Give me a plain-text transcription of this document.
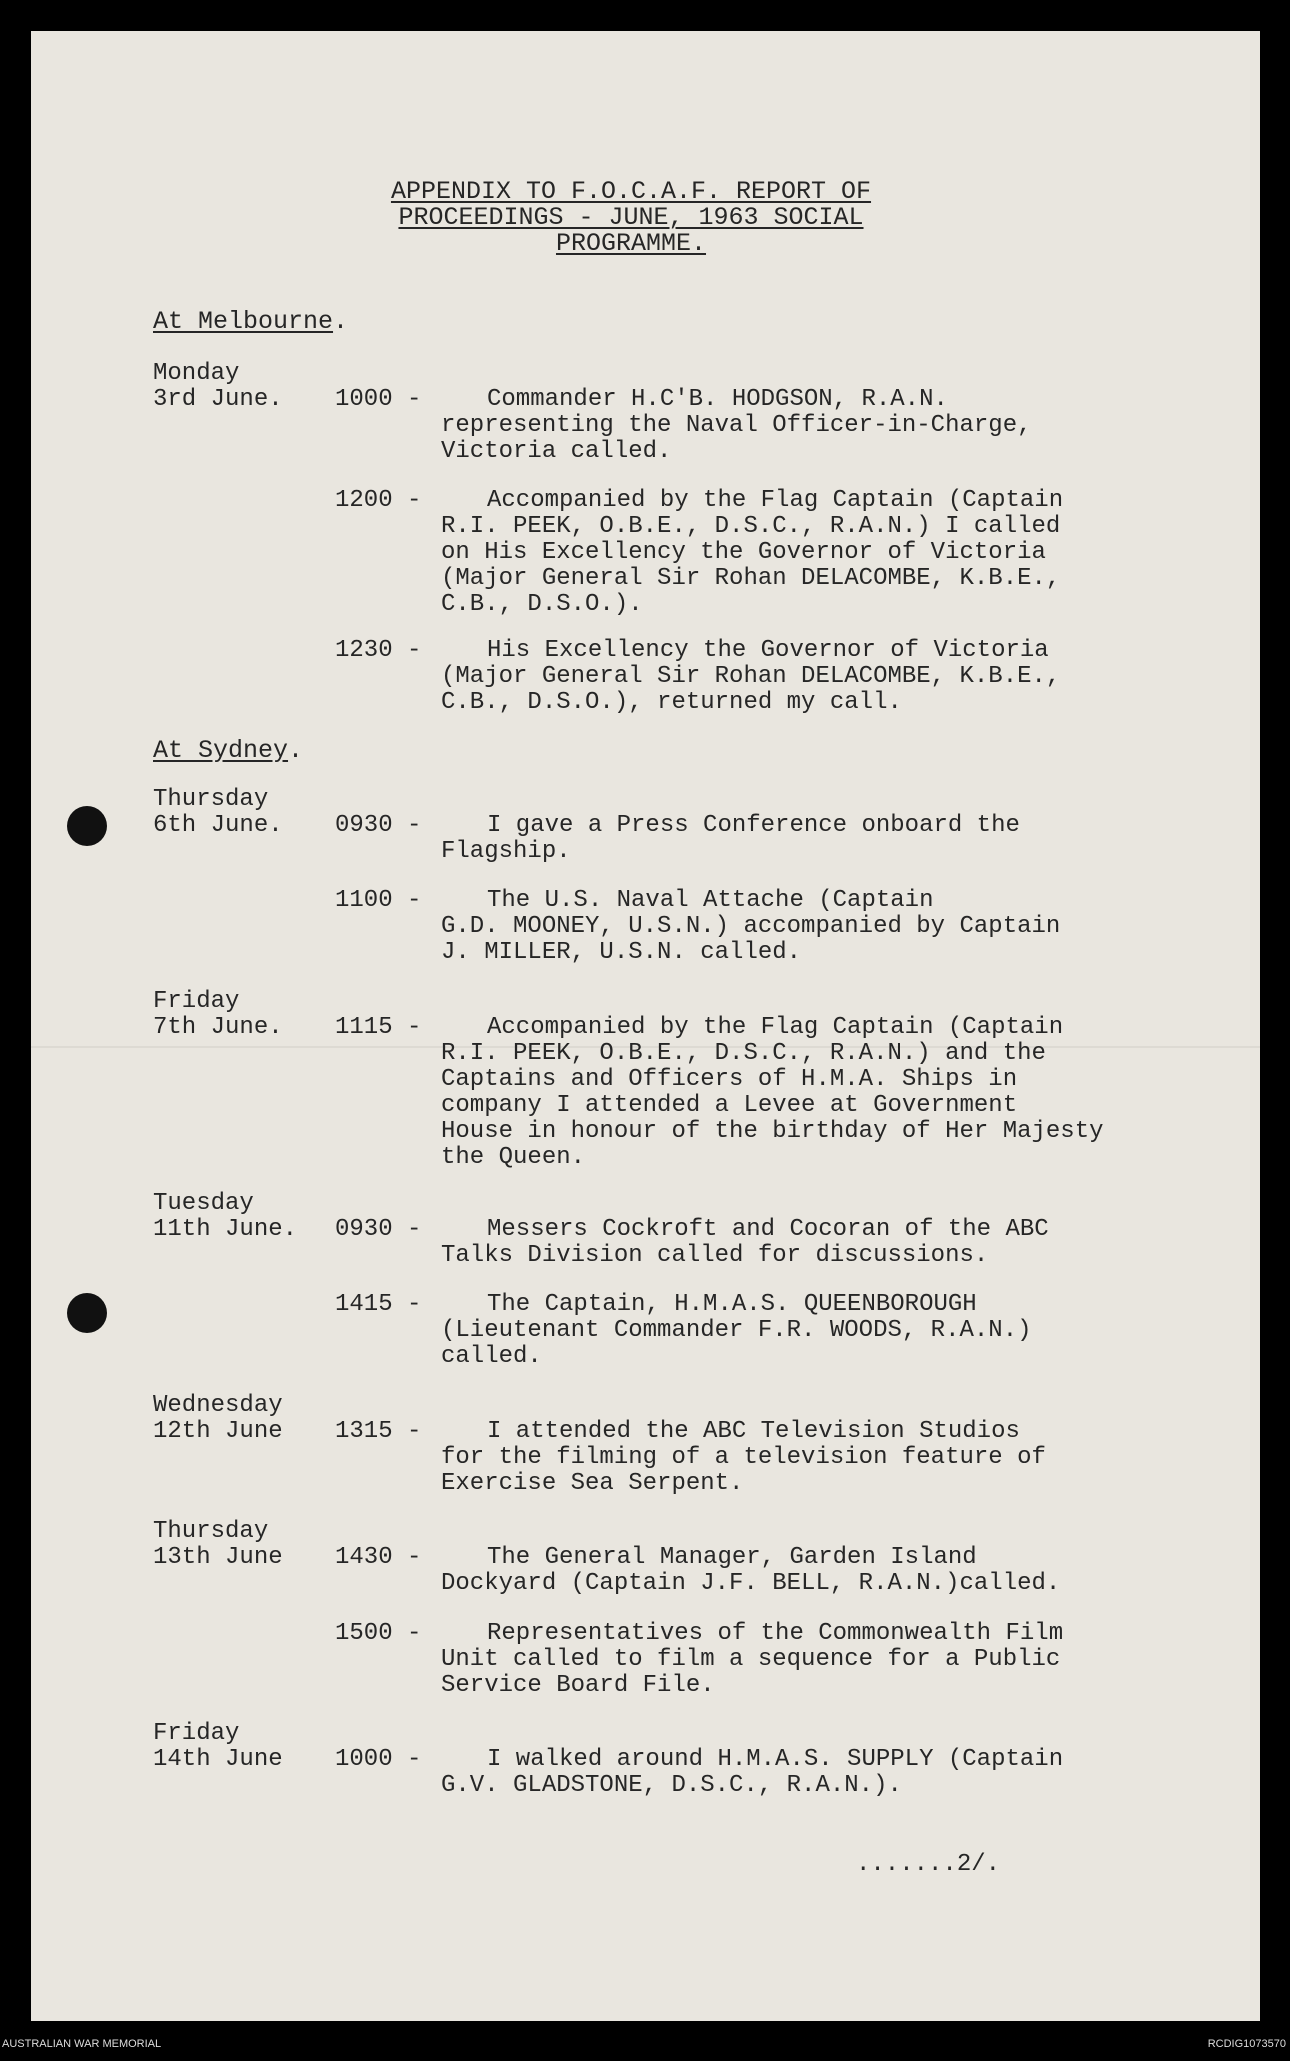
APPENDIX TO F.O.C.A.F. REPORT OF
PROCEEDINGS - JUNE, 1963 SOCIAL
PROGRAMME.
At Melbourne.
Monday
3rd June. 1000 -	Commander H.C'B. HODGSON, R.A.N.
representing the Naval Officer-in-Charge,
Victoria called.
1200 -	Accompanied by the Flag Captain (Captain
R.I. PEEK, O.B.E., D.S.C., R.A.N.) I called
on His Excellency the Governor of Victoria
(Major General Sir Rohan DELACOMBE, K.B.E.,
C.B., D.S.O.).
1230 -	His Excellency the Governor of Victoria
(Major General Sir Rohan DELACOMBE, K.B.E.,
C.B., D.S.O.), returned my call.
At Sydney.
Thursday
6th June. 0930 -	I gave a Press Conference onboard the
Flagship.
1100 -	The U.S. Naval Attache (Captain
G.D. MOONEY, U.S.N.) accompanied by Captain
J. MILLER, U.S.N. called.
Friday
7th June. 1115 -	Accompanied by the Flag Captain (Captain
R.I. PEEK, O.B.E., D.S.C., R.A.N.) and the
Captains and Officers of H.M.A. Ships in
company I attended a Levee at Government
House in honour of the birthday of Her Majesty
the Queen.
Tuesday
11th June. 0930 -	Messers Cockroft and Cocoran of the ABC
Talks Division called for discussions.
1415 -	The Captain, H.M.A.S. QUEENBOROUGH
(Lieutenant Commander F.R. WOODS, R.A.N.)
called.
Wednesday
12th June 1315 -	I attended the ABC Television Studios
for the filming of a television feature of
Exercise Sea Serpent.
Thursday
13th June 1430 -	The General Manager, Garden Island
Dockyard (Captain J.F. BELL, R.A.N.)called.
1500 -	Representatives of the Commonwealth Film
Unit called to film a sequence for a Public
Service Board File.
Friday
14th June 1000 -	I walked around H.M.A.S. SUPPLY (Captain
G.V. GLADSTONE, D.S.C., R.A.N.).
.......2/.
AUSTRALIAN WAR MEMORIAL	RCDIG1073570
